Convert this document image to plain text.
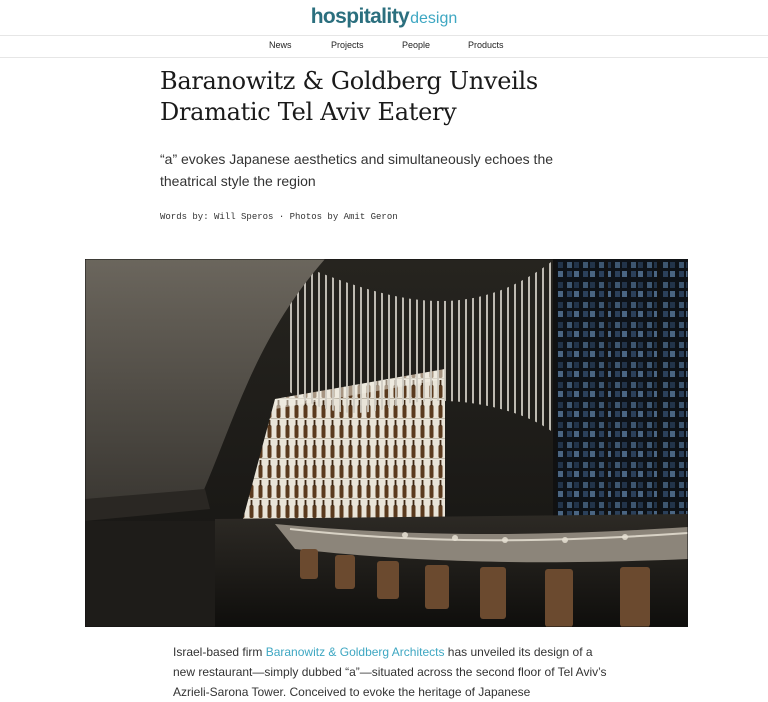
hospitalitydesign
News	Projects	People	Products
Baranowitz & Goldberg Unveils Dramatic Tel Aviv Eatery

“a” evokes Japanese aesthetics and simultaneously echoes the theatrical style the region

Words by: Will Speros · Photos by Amit Geron

Israel-based firm Baranowitz & Goldberg Architects has unveiled its design of a new restaurant—simply dubbed “a”—situated across the second floor of Tel Aviv’s Azrieli-Sarona Tower. Conceived to evoke the heritage of Japanese
